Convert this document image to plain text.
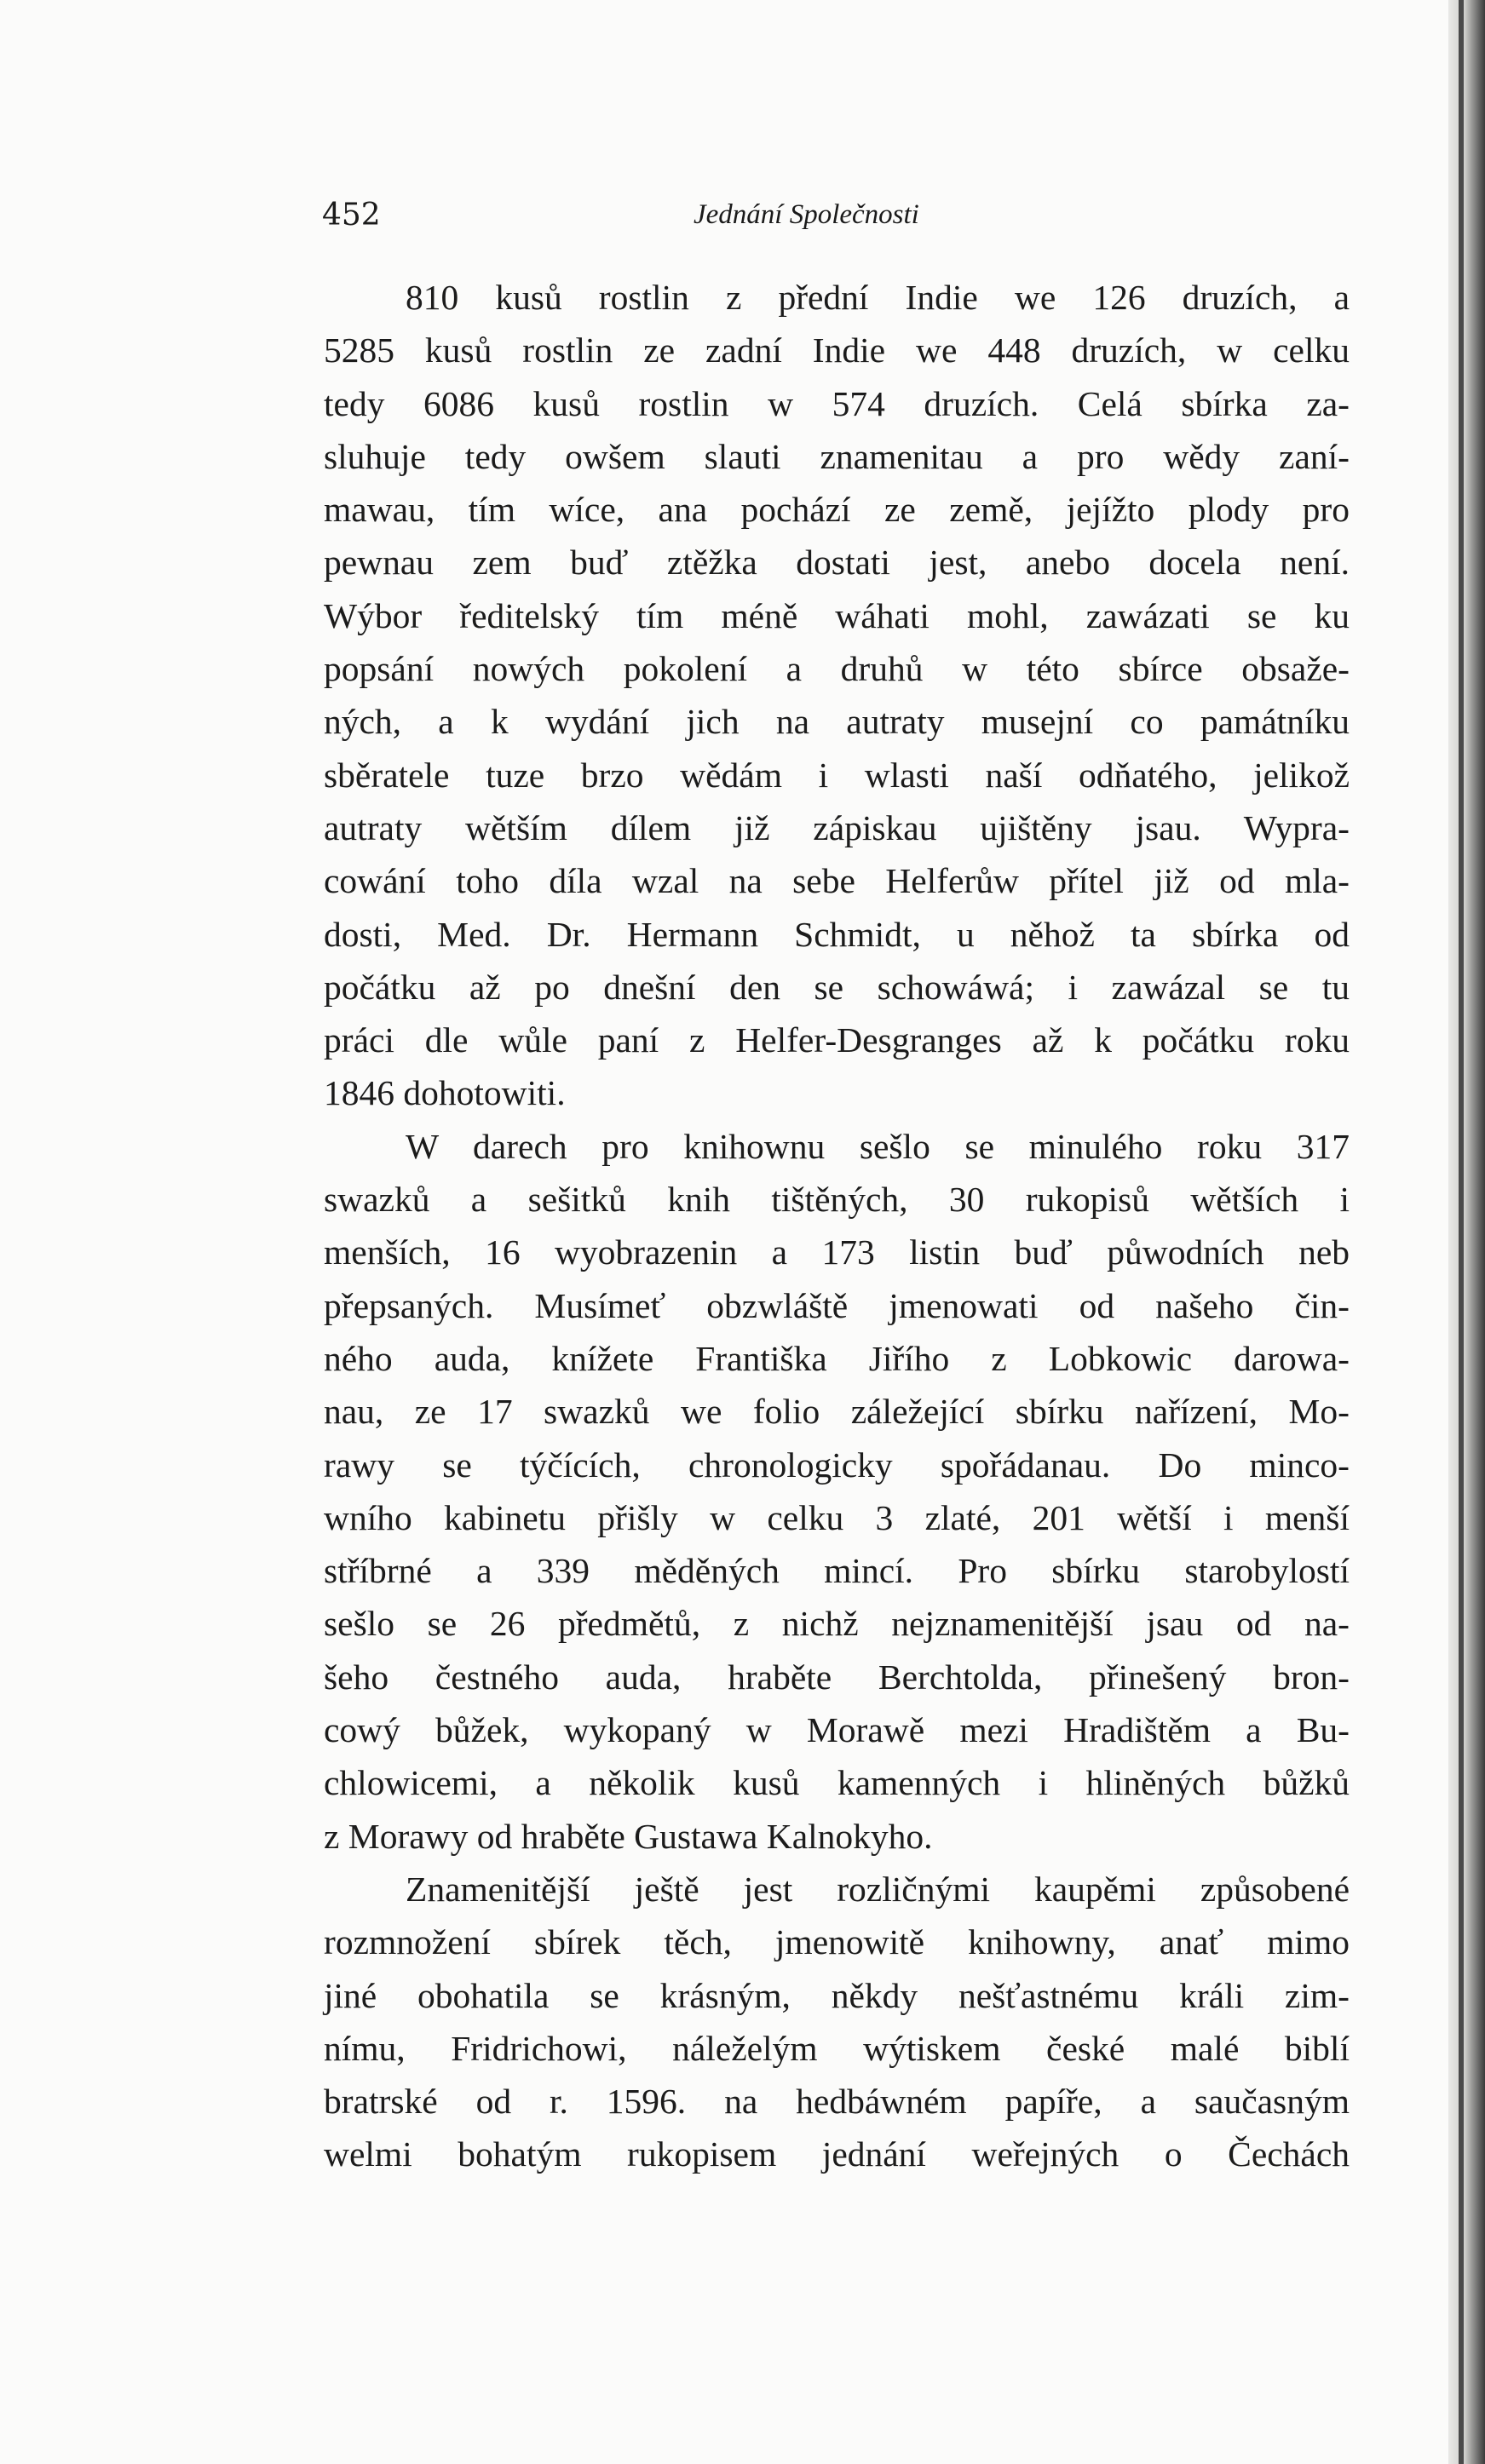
452	Jednání Společnosti

810 kusů rostlin z přední Indie we 126 druzích, a
5285 kusů rostlin ze zadní Indie we 448 druzích, w celku
tedy 6086 kusů rostlin w 574 druzích. Celá sbírka za-
sluhuje tedy owšem slauti znamenitau a pro wědy zaní-
mawau, tím wíce, ana pochází ze země, jejížto plody pro
pewnau zem buď ztěžka dostati jest, anebo docela není.
Wýbor ředitelský tím méně wáhati mohl, zawázati se ku
popsání nowých pokolení a druhů w této sbírce obsaže-
ných, a k wydání jich na autraty musejní co památníku
sběratele tuze brzo wědám i wlasti naší odňatého, jelikož
autraty wětším dílem již zápiskau ujištěny jsau. Wypra-
cowání toho díla wzal na sebe Helferůw přítel již od mla-
dosti, Med. Dr. Hermann Schmidt, u něhož ta sbírka od
počátku až po dnešní den se schowáwá; i zawázal se tu
práci dle wůle paní z Helfer-Desgranges až k počátku roku
1846 dohotowiti.

W darech pro knihownu sešlo se minulého roku 317
swazků a sešitků knih tištěných, 30 rukopisů wětších i
menších, 16 wyobrazenin a 173 listin buď půwodních neb
přepsaných. Musímeť obzwláště jmenowati od našeho čin-
ného auda, knížete Františka Jiřího z Lobkowic darowa-
nau, ze 17 swazků we folio záležející sbírku nařízení, Mo-
rawy se týčících, chronologicky spořádanau. Do minco-
wního kabinetu přišly w celku 3 zlaté, 201 wětší i menší
stříbrné a 339 měděných mincí. Pro sbírku starobylostí
sešlo se 26 předmětů, z nichž nejznamenitější jsau od na-
šeho čestného auda, hraběte Berchtolda, přinešený bron-
cowý bůžek, wykopaný w Morawě mezi Hradištěm a Bu-
chlowicemi, a několik kusů kamenných i hliněných bůžků
z Morawy od hraběte Gustawa Kalnokyho.

Znamenitější ještě jest rozličnými kaupěmi způsobené
rozmnožení sbírek těch, jmenowitě knihowny, anať mimo
jiné obohatila se krásným, někdy nešťastnému králi zim-
nímu, Fridrichowi, náleželým wýtiskem české malé biblí
bratrské od r. 1596. na hedbáwném papíře, a saučasným
welmi bohatým rukopisem jednání weřejných o Čechách
